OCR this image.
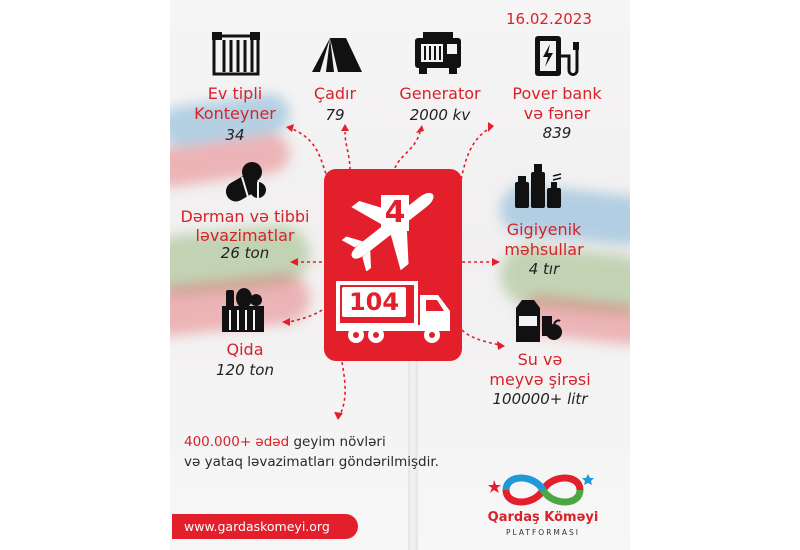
16.02.2023
Ev tipli
Konteyner
34
Çadır
79
Generator
2000 kv
Pover bank
və fənər
839
Dərman və tibbi
ləvazimatlar
26 ton
Gigiyenik
məhsullar
4 tır
Qida
120 ton
Su və
meyvə şirəsi
100000+ litr
4
104
400.000+ ədəd geyim növləri
və yataq ləvazimatları göndərilmişdir.
www.gardaskomeyi.org
Qardaş Köməyi
PLATFORMASI
